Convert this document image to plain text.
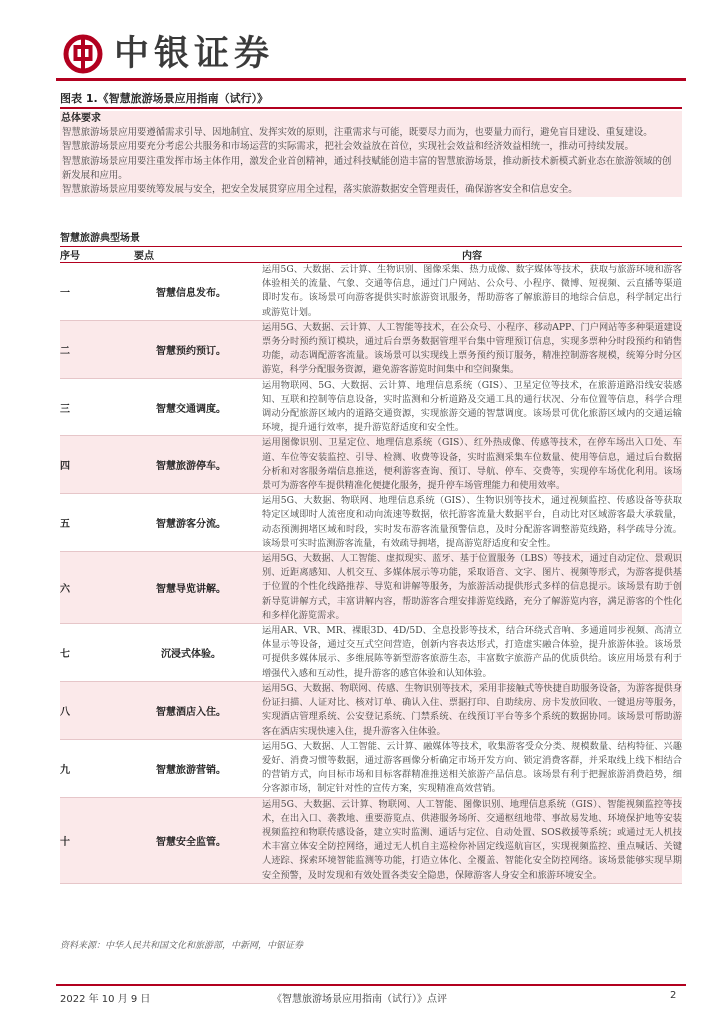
中银证券
图表 1.《智慧旅游场景应用指南（试行）》
总体要求
智慧旅游场景应用要遵循需求引导、因地制宜、发挥实效的原则，注重需求与可能，既要尽力而为，也要量力而行，避免盲目建设、重复建设。
智慧旅游场景应用要充分考虑公共服务和市场运营的实际需求，把社会效益放在首位，实现社会效益和经济效益相统一，推动可持续发展。
智慧旅游场景应用要注重发挥市场主体作用，激发企业首创精神，通过科技赋能创造丰富的智慧旅游场景，推动新技术新模式新业态在旅游领域的创新发展和应用。
智慧旅游场景应用要统筹发展与安全，把安全发展贯穿应用全过程，落实旅游数据安全管理责任，确保游客安全和信息安全。
智慧旅游典型场景
序号	要点	内容
一	智慧信息发布。	运用5G、大数据、云计算、生物识别、图像采集、热力成像、数字媒体等技术，获取与旅游环境和游客体验相关的流量、气象、交通等信息，通过门户网站、公众号、小程序、微博、短视频、云直播等渠道即时发布。该场景可向游客提供实时旅游资讯服务，帮助游客了解旅游目的地综合信息，科学制定出行或游览计划。
二	智慧预约预订。	运用5G、大数据、云计算、人工智能等技术，在公众号、小程序、移动APP、门户网站等多种渠道建设票务分时预约预订模块，通过后台票务数据管理平台集中管理预订信息，实现多票种分时段预约和销售功能，动态调配游客流量。该场景可以实现线上票务预约预订服务，精准控制游客规模，统筹分时分区游览，科学分配服务资源，避免游客游览时间集中和空间聚集。
三	智慧交通调度。	运用物联网、5G、大数据、云计算、地理信息系统（GIS）、卫星定位等技术，在旅游道路沿线安装感知、互联和控制等信息设备，实时监测和分析道路及交通工具的通行状况、分布位置等信息，科学合理调动分配旅游区域内的道路交通资源，实现旅游交通的智慧调度。该场景可优化旅游区域内的交通运输环境，提升通行效率，提升游览舒适度和安全性。
四	智慧旅游停车。	运用图像识别、卫星定位、地理信息系统（GIS）、红外热成像、传感等技术，在停车场出入口处、车道、车位等安装监控、引导、检测、收费等设备，实时监测采集车位数量、使用等信息，通过后台数据分析和对客服务端信息推送，便利游客查询、预订、导航、停车、交费等，实现停车场优化利用。该场景可为游客停车提供精准化便捷化服务，提升停车场管理能力和使用效率。
五	智慧游客分流。	运用5G、大数据、物联网、地理信息系统（GIS）、生物识别等技术，通过视频监控、传感设备等获取特定区域即时人流密度和动向流速等数据，依托游客流量大数据平台，自动比对区域游客最大承载量，动态预测拥堵区域和时段，实时发布游客流量预警信息，及时分配游客调整游览线路，科学疏导分流。该场景可实时监测游客流量，有效疏导拥堵，提高游览舒适度和安全性。
六	智慧导览讲解。	运用5G、大数据、人工智能、虚拟现实、蓝牙、基于位置服务（LBS）等技术，通过自动定位、景观识别、近距离感知、人机交互、多媒体展示等功能，采取语音、文字、图片、视频等形式，为游客提供基于位置的个性化线路推荐、导览和讲解等服务，为旅游活动提供形式多样的信息提示。该场景有助于创新导览讲解方式，丰富讲解内容，帮助游客合理安排游览线路，充分了解游览内容，满足游客的个性化和多样化游览需求。
七	沉浸式体验。	运用AR、VR、MR、裸眼3D、4D/5D、全息投影等技术，结合环绕式音响、多通道同步视频、高清立体显示等设备，通过交互式空间营造，创新内容表达形式，打造虚实融合体验，提升旅游体验。该场景可提供多媒体展示、多维展陈等新型游客旅游生态，丰富数字旅游产品的优质供给。该应用场景有利于增强代入感和互动性，提升游客的感官体验和认知体验。
八	智慧酒店入住。	运用5G、大数据、物联网、传感、生物识别等技术，采用非接触式等快捷自助服务设备，为游客提供身份证扫描、人证对比、核对订单、确认入住、票据打印、自助续房、房卡发放回收、一键退房等服务，实现酒店管理系统、公安登记系统、门禁系统、在线预订平台等多个系统的数据协同。该场景可帮助游客在酒店实现快速入住，提升游客入住体验。
九	智慧旅游营销。	运用5G、大数据、人工智能、云计算、融媒体等技术，收集游客受众分类、规模数量、结构特征、兴趣爱好、消费习惯等数据，通过游客画像分析确定市场开发方向、锁定消费客群，并采取线上线下相结合的营销方式，向目标市场和目标客群精准推送相关旅游产品信息。该场景有利于把握旅游消费趋势，细分客源市场，制定针对性的宣传方案，实现精准高效营销。
十	智慧安全监管。	运用5G、大数据、云计算、物联网、人工智能、图像识别、地理信息系统（GIS）、智能视频监控等技术，在出入口、袭教地、重要游览点、供港服务场所、交通枢纽地带、事故易发地、环境保护地等安装视频监控和物联传感设备，建立实时监测、通话与定位、自动处置、SOS救援等系统；或通过无人机技术丰富立体安全防控网络，通过无人机自主巡检你补固定线巡航盲区，实现视频监控、重点喊话、关键人迹踪、探索环境智能监测等功能，打造立体化、全覆盖、智能化安全防控网络。该场景能够实现早期安全预警，及时发现和有效处置各类安全隐患，保障游客人身安全和旅游环境安全。
资料来源：中华人民共和国文化和旅游部，中新网，中银证券
2022 年 10 月 9 日	《智慧旅游场景应用指南（试行）》点评	2
